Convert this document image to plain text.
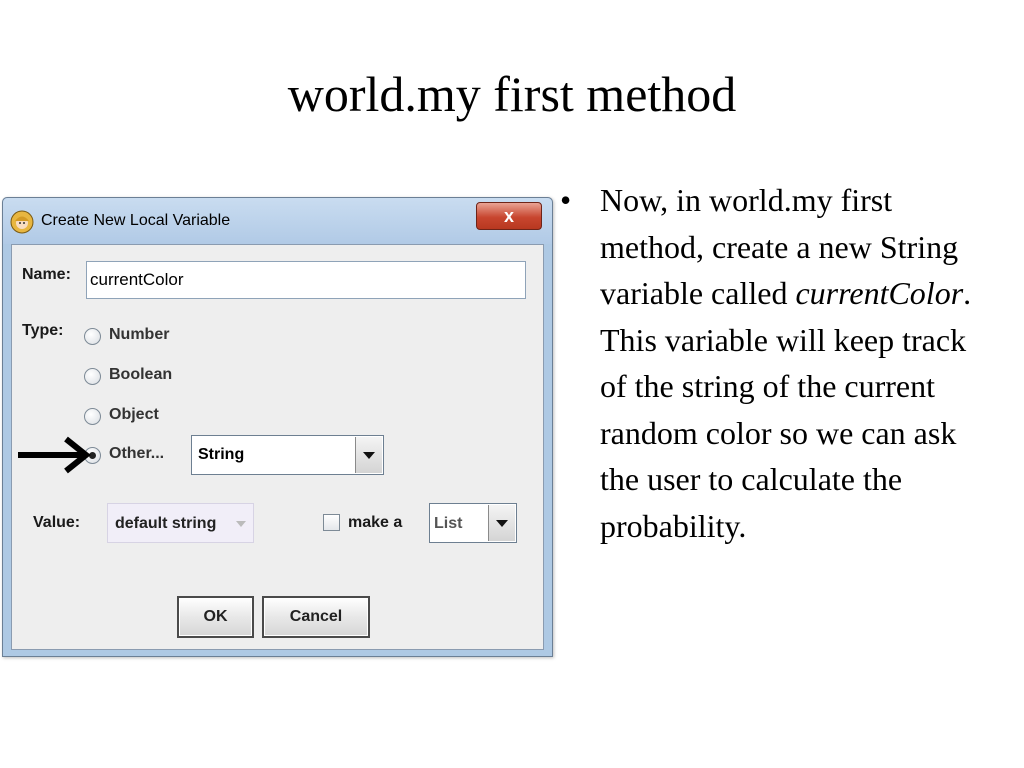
world.my first method
Create New Local Variable	x
Name:
currentColor
Type:	Number
Boolean
Object
Other... String
Value: default string	make a List
OK	Cancel
• Now, in world.my first method, create a new String variable called currentColor. This variable will keep track of the string of the current random color so we can ask the user to calculate the probability.
